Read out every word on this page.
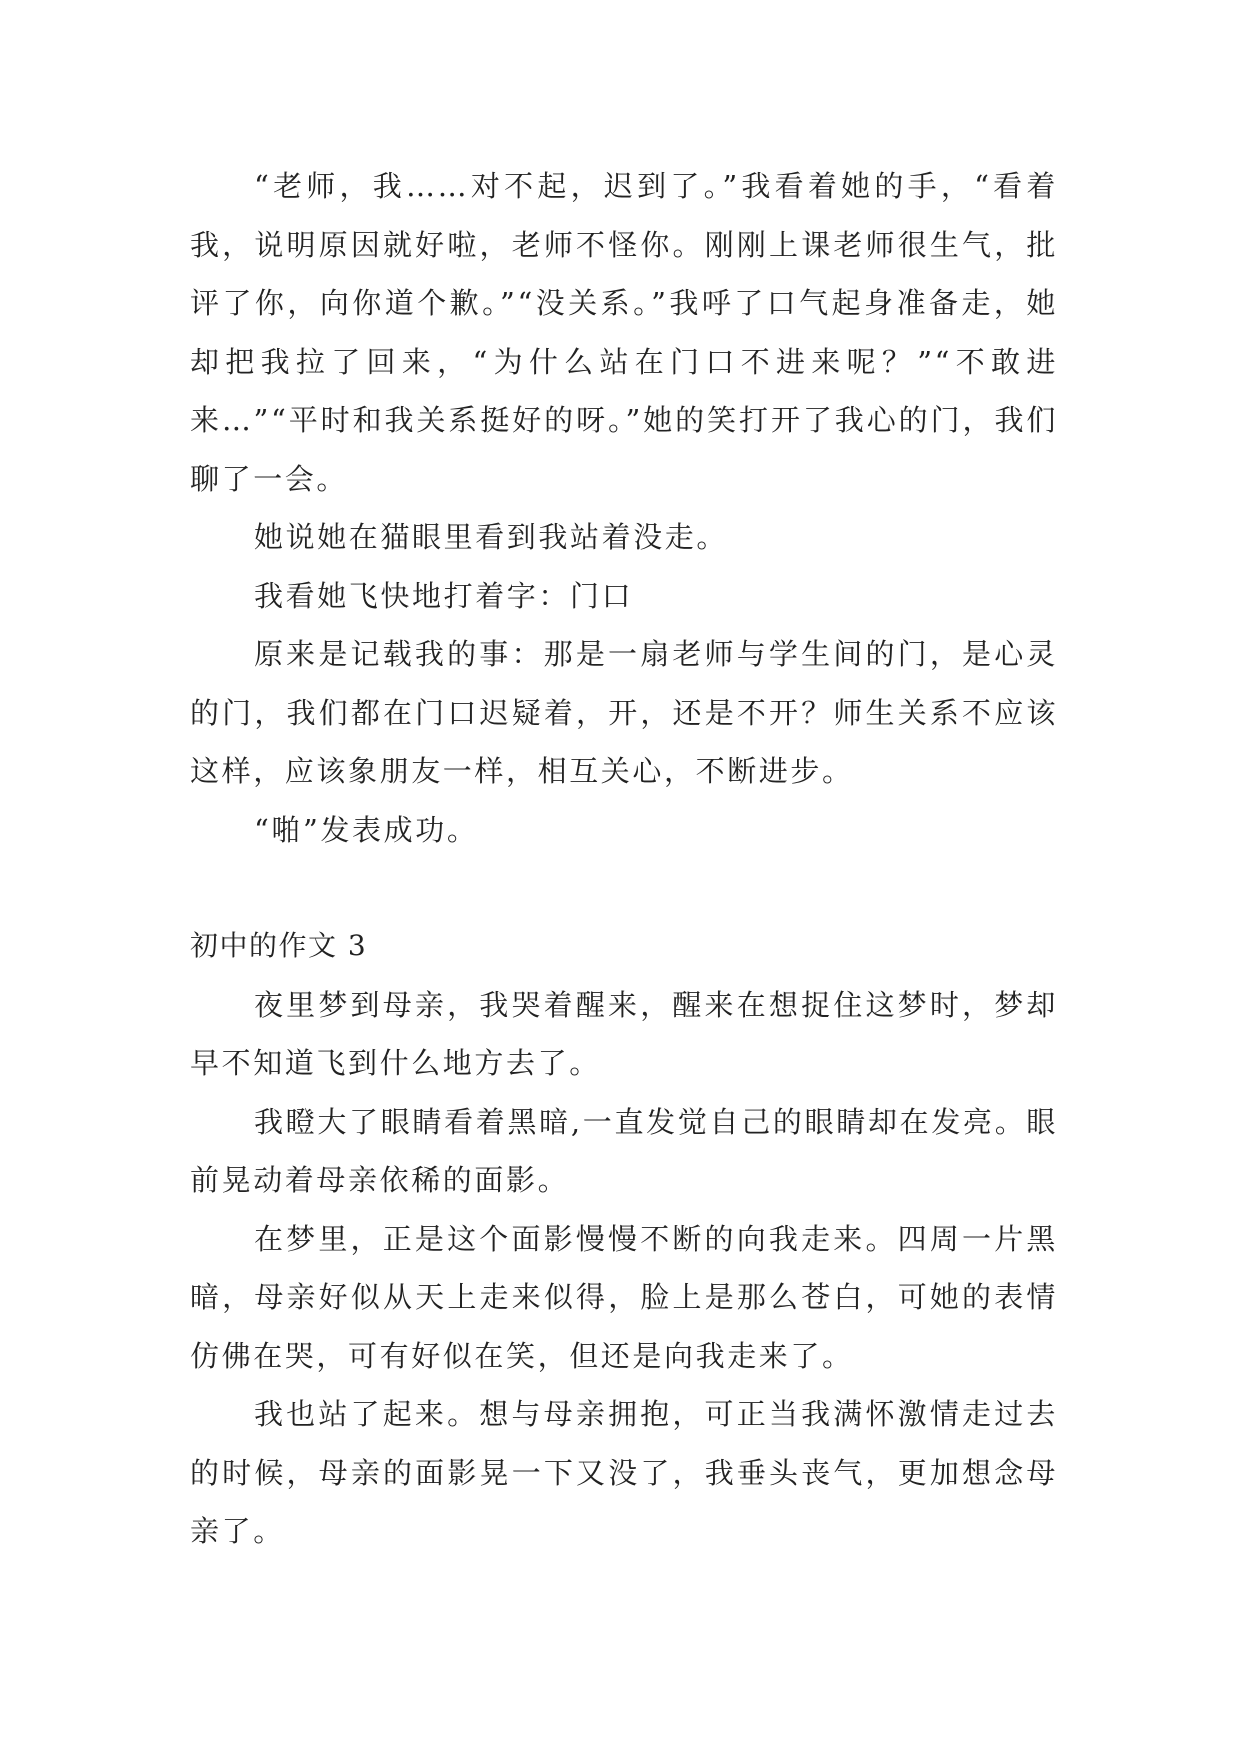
“老师，我……对不起，迟到了。”我看着她的手，“看着我，说明原因就好啦，老师不怪你。刚刚上课老师很生气，批评了你，向你道个歉。”“没关系。”我呼了口气起身准备走，她却把我拉了回来，“为什么站在门口不进来呢？”“不敢进来…”“平时和我关系挺好的呀。”她的笑打开了我心的门，我们聊了一会。

她说她在猫眼里看到我站着没走。

我看她飞快地打着字：门口

原来是记载我的事：那是一扇老师与学生间的门，是心灵的门，我们都在门口迟疑着，开，还是不开？师生关系不应该这样，应该象朋友一样，相互关心，不断进步。

“啪”发表成功。

初中的作文 3

夜里梦到母亲，我哭着醒来，醒来在想捉住这梦时，梦却早不知道飞到什么地方去了。

我瞪大了眼睛看着黑暗,一直发觉自己的眼睛却在发亮。眼前晃动着母亲依稀的面影。

在梦里，正是这个面影慢慢不断的向我走来。四周一片黑暗，母亲好似从天上走来似得，脸上是那么苍白，可她的表情仿佛在哭，可有好似在笑，但还是向我走来了。

我也站了起来。想与母亲拥抱，可正当我满怀激情走过去的时候，母亲的面影晃一下又没了，我垂头丧气，更加想念母亲了。
